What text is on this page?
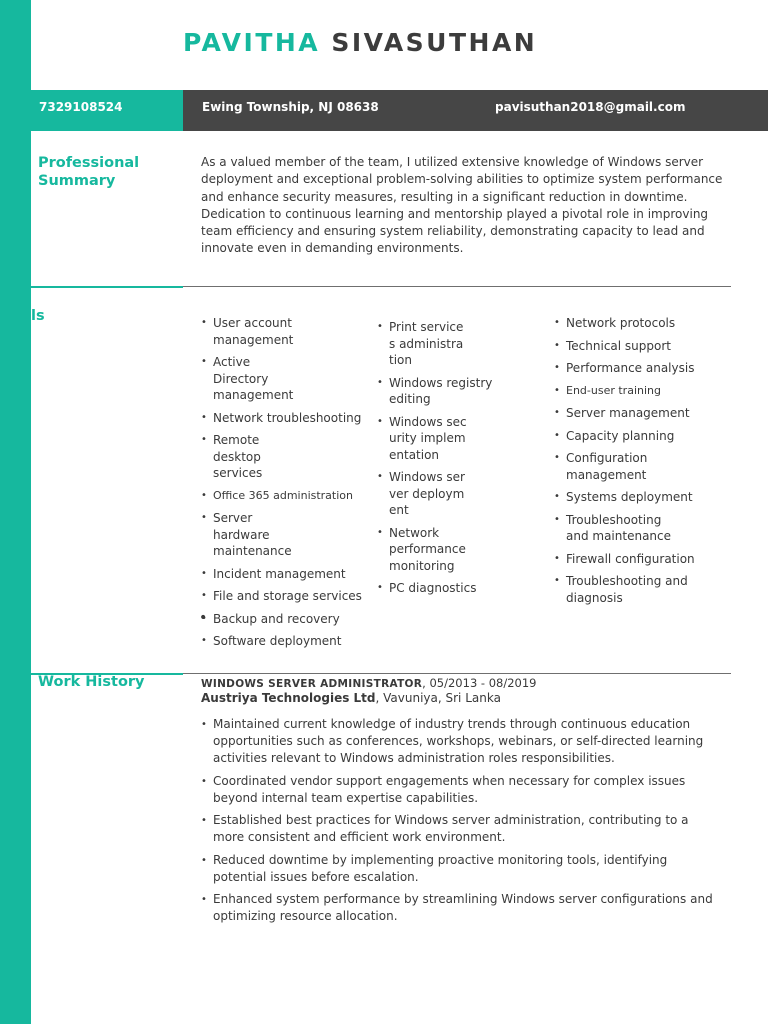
PAVITHA SIVASUTHAN
7329108524	Ewing Township, NJ 08638	pavisuthan2018@gmail.com
Professional
Summary
As a valued member of the team, I utilized extensive knowledge of Windows server deployment and exceptional problem-solving abilities to optimize system performance and enhance security measures, resulting in a significant reduction in downtime. Dedication to continuous learning and mentorship played a pivotal role in improving team efficiency and ensuring system reliability, demonstrating capacity to lead and innovate even in demanding environments.
ls
•	User account management
• Active Directory management
• Network troubleshooting
• Remote desktop services
• Office 365 administration
• Server hardware maintenance
• Incident management
• File and storage services
• Backup and recovery
• Software deployment
•
• Print services administration
• Windows registry editing
• Windows security implementation
• Windows server deployment
• Network performance monitoring
• PC diagnostics
• Network protocols
• Technical support
• Performance analysis
• End-user training
• Server management
• Capacity planning
• Configuration management
• Systems deployment
• Troubleshooting and maintenance
• Firewall configuration
• Troubleshooting and diagnosis
Work History	WINDOWS SERVER ADMINISTRATOR, 05/2013 - 08/2019
Austriya Technologies Ltd, Vavuniya, Sri Lanka
• Maintained current knowledge of industry trends through continuous education opportunities such as conferences, workshops, webinars, or self-directed learning activities relevant to Windows administration roles responsibilities.
• Coordinated vendor support engagements when necessary for complex issues beyond internal team expertise capabilities.
• Established best practices for Windows server administration, contributing to a more consistent and efficient work environment.
• Reduced downtime by implementing proactive monitoring tools, identifying potential issues before escalation.
• Enhanced system performance by streamlining Windows server configurations and optimizing resource allocation.
